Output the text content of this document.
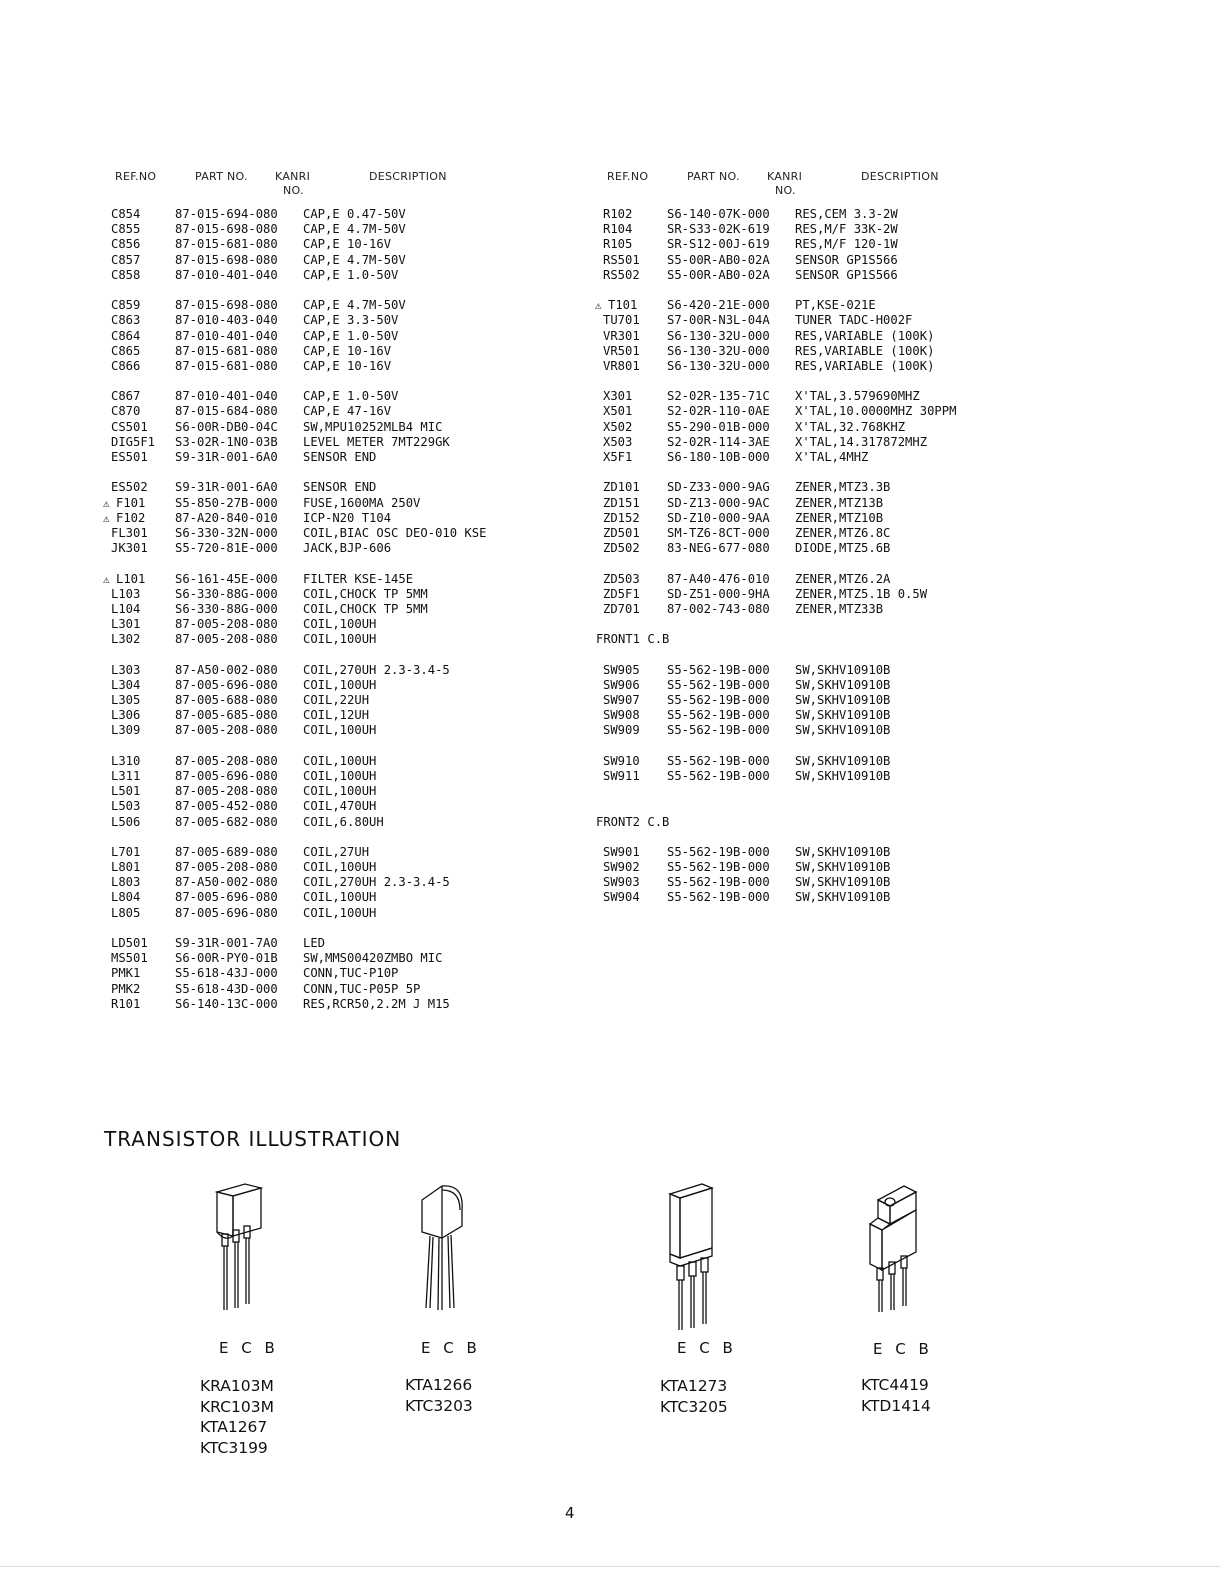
REF.NO	PART NO. KANRI
NO.
DESCRIPTION	REF.NO	PART NO. KANRI
NO.
DESCRIPTION
C854	87-015-694-080 CAP,E 0.47-50V
C855	87-015-698-080 CAP,E 4.7M-50V
C856	87-015-681-080 CAP,E 10-16V
C857	87-015-698-080 CAP,E 4.7M-50V
C858	87-010-401-040 CAP,E 1.0-50V
C859	87-015-698-080 CAP,E 4.7M-50V
C863	87-010-403-040 CAP,E 3.3-50V
C864	87-010-401-040 CAP,E 1.0-50V
C865	87-015-681-080 CAP,E 10-16V
C866	87-015-681-080 CAP,E 10-16V
C867	87-010-401-040 CAP,E 1.0-50V
C870	87-015-684-080 CAP,E 47-16V
CS501 S6-00R-DB0-04C SW,MPU10252MLB4 MIC
DIG5F1 S3-02R-1N0-03B LEVEL METER 7MT229GK
ES501 S9-31R-001-6A0 SENSOR END
ES502 S9-31R-001-6A0 SENSOR END
⚠ F101 S5-850-27B-000 FUSE,1600MA 250V
⚠ F102 87-A20-840-010 ICP-N20 T104
FL301 S6-330-32N-000 COIL,BIAC OSC DEO-010 KSE
JK301 S5-720-81E-000 JACK,BJP-606
⚠ L101 S6-161-45E-000 FILTER KSE-145E
L103	S6-330-88G-000 COIL,CHOCK TP 5MM
L104	S6-330-88G-000 COIL,CHOCK TP 5MM
L301	87-005-208-080 COIL,100UH
L302	87-005-208-080 COIL,100UH
L303	87-A50-002-080 COIL,270UH 2.3-3.4-5
L304	87-005-696-080 COIL,100UH
L305	87-005-688-080 COIL,22UH
L306	87-005-685-080 COIL,12UH
L309	87-005-208-080 COIL,100UH
L310	87-005-208-080 COIL,100UH
L311	87-005-696-080 COIL,100UH
L501	87-005-208-080 COIL,100UH
L503	87-005-452-080 COIL,470UH
L506	87-005-682-080 COIL,6.80UH
L701	87-005-689-080 COIL,27UH
L801	87-005-208-080 COIL,100UH
L803	87-A50-002-080 COIL,270UH 2.3-3.4-5
L804	87-005-696-080 COIL,100UH
L805	87-005-696-080 COIL,100UH
LD501 S9-31R-001-7A0 LED
MS501 S6-00R-PY0-01B SW,MMS00420ZMBO MIC
PMK1	S5-618-43J-000 CONN,TUC-P10P
PMK2	S5-618-43D-000 CONN,TUC-P05P 5P
R101	S6-140-13C-000 RES,RCR50,2.2M J M15
R102	S6-140-07K-000 RES,CEM 3.3-2W
R104	SR-S33-02K-619 RES,M/F 33K-2W
R105	SR-S12-00J-619 RES,M/F 120-1W
RS501 S5-00R-AB0-02A SENSOR GP1S566
RS502 S5-00R-AB0-02A SENSOR GP1S566
⚠ T101 S6-420-21E-000 PT,KSE-021E
TU701 S7-00R-N3L-04A TUNER TADC-H002F
VR301 S6-130-32U-000 RES,VARIABLE (100K)
VR501 S6-130-32U-000 RES,VARIABLE (100K)
VR801 S6-130-32U-000 RES,VARIABLE (100K)
X301	S2-02R-135-71C X'TAL,3.579690MHZ
X501	S2-02R-110-0AE X'TAL,10.0000MHZ 30PPM
X502	S5-290-01B-000 X'TAL,32.768KHZ
X503	S2-02R-114-3AE X'TAL,14.317872MHZ
X5F1	S6-180-10B-000 X'TAL,4MHZ
ZD101 SD-Z33-000-9AG ZENER,MTZ3.3B
ZD151 SD-Z13-000-9AC ZENER,MTZ13B
ZD152 SD-Z10-000-9AA ZENER,MTZ10B
ZD501 SM-TZ6-8CT-000 ZENER,MTZ6.8C
ZD502 83-NEG-677-080 DIODE,MTZ5.6B
ZD503 87-A40-476-010 ZENER,MTZ6.2A
ZD5F1 SD-Z51-000-9HA ZENER,MTZ5.1B 0.5W
ZD701 87-002-743-080 ZENER,MTZ33B
FRONT1 C.B
SW905 S5-562-19B-000 SW,SKHV10910B
SW906 S5-562-19B-000 SW,SKHV10910B
SW907 S5-562-19B-000 SW,SKHV10910B
SW908 S5-562-19B-000 SW,SKHV10910B
SW909 S5-562-19B-000 SW,SKHV10910B
SW910 S5-562-19B-000 SW,SKHV10910B
SW911 S5-562-19B-000 SW,SKHV10910B
FRONT2 C.B
SW901 S5-562-19B-000 SW,SKHV10910B
SW902 S5-562-19B-000 SW,SKHV10910B
SW903 S5-562-19B-000 SW,SKHV10910B
SW904 S5-562-19B-000 SW,SKHV10910B
TRANSISTOR ILLUSTRATION
E C B	E C B	E C B	E C B
KRA103M
KRC103M
KTA1267
KTC3199
KTA1266
KTC3203
KTA1273
KTC3205
KTC4419
KTD1414
4
